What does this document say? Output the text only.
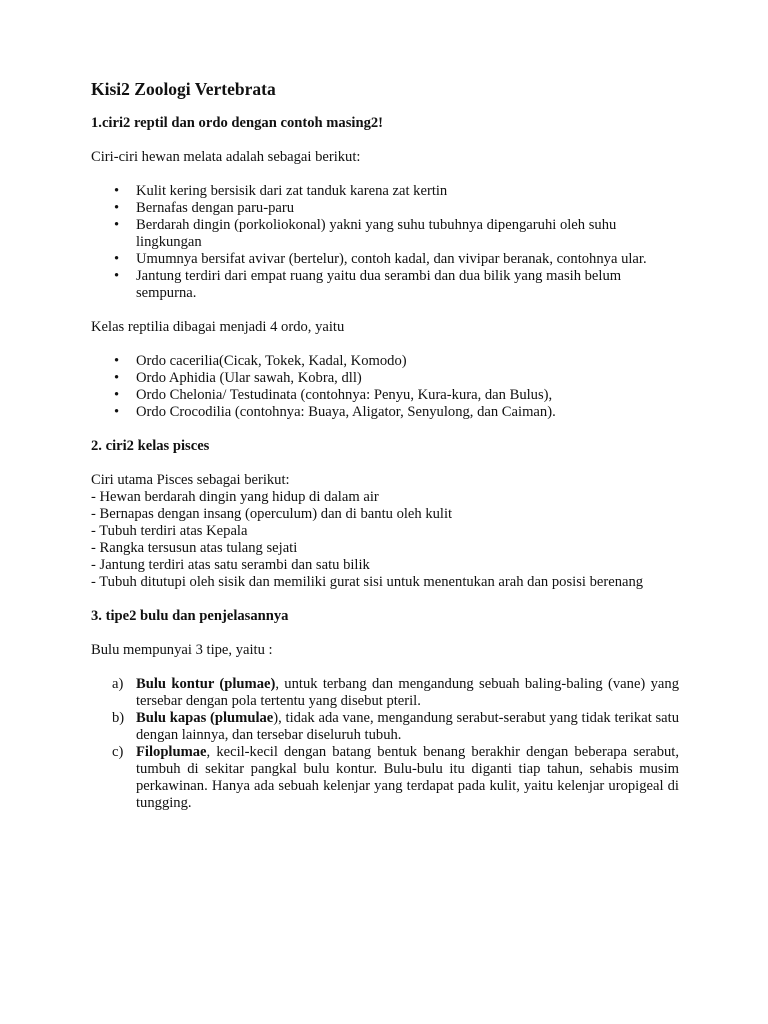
Kisi2 Zoologi Vertebrata
1.ciri2 reptil dan ordo dengan contoh masing2!

Ciri-ciri hewan melata adalah sebagai berikut:

• Kulit kering bersisik dari zat tanduk karena zat kertin
• Bernafas dengan paru-paru
• Berdarah dingin (porkoliokonal) yakni yang suhu tubuhnya dipengaruhi oleh suhu lingkungan
• Umumnya bersifat avivar (bertelur), contoh kadal, dan vivipar beranak, contohnya ular.
• Jantung terdiri dari empat ruang yaitu dua serambi dan dua bilik yang masih belum sempurna.

Kelas reptilia dibagai menjadi 4 ordo, yaitu

• Ordo cacerilia(Cicak, Tokek, Kadal, Komodo)
• Ordo Aphidia (Ular sawah, Kobra, dll)
• Ordo Chelonia/ Testudinata (contohnya: Penyu, Kura-kura, dan Bulus),
• Ordo Crocodilia (contohnya: Buaya, Aligator, Senyulong, dan Caiman).
2. ciri2 kelas pisces

Ciri utama Pisces sebagai berikut:

- Hewan berdarah dingin yang hidup di dalam air

- Bernapas dengan insang (operculum) dan di bantu oleh kulit

- Tubuh terdiri atas Kepala

- Rangka tersusun atas tulang sejati

- Jantung terdiri atas satu serambi dan satu bilik

- Tubuh ditutupi oleh sisik dan memiliki gurat sisi untuk menentukan arah dan posisi berenang

3. tipe2 bulu dan penjelasannya

Bulu mempunyai 3 tipe, yaitu :

a) Bulu kontur (plumae), untuk terbang dan mengandung sebuah baling-baling (vane) yang tersebar dengan pola tertentu yang disebut pteril.
b) Bulu kapas (plumulae), tidak ada vane, mengandung serabut-serabut yang tidak terikat satu dengan lainnya, dan tersebar diseluruh tubuh.
c) Filoplumae, kecil-kecil dengan batang bentuk benang berakhir dengan beberapa serabut, tumbuh di sekitar pangkal bulu kontur. Bulu-bulu itu diganti tiap tahun, sehabis musim perkawinan. Hanya ada sebuah kelenjar yang terdapat pada kulit, yaitu kelenjar uropigeal di tungging.
